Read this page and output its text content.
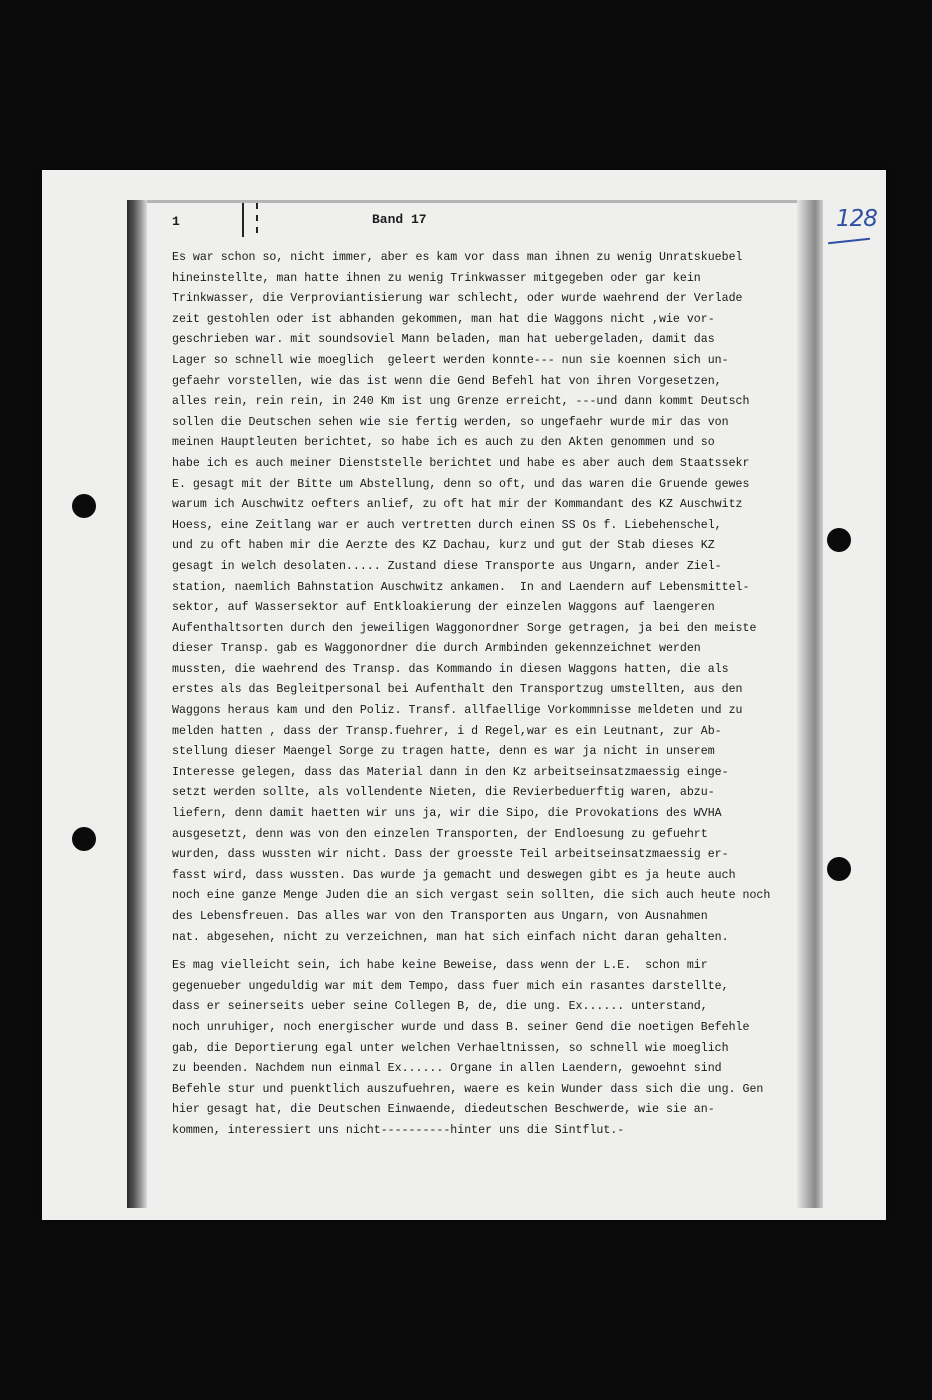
1	Band 17	128
Es war schon so, nicht immer, aber es kam vor dass man ihnen zu wenig Unratskuebel
hineinstellte, man hatte ihnen zu wenig Trinkwasser mitgegeben oder gar kein
Trinkwasser, die Verproviantisierung war schlecht, oder wurde waehrend der Verlade
zeit gestohlen oder ist abhanden gekommen, man hat die Waggons nicht ,wie vor-
geschrieben war. mit soundsoviel Mann beladen, man hat uebergeladen, damit das
Lager so schnell wie moeglich  geleert werden konnte--- nun sie koennen sich un-
gefaehr vorstellen, wie das ist wenn die Gend Befehl hat von ihren Vorgesetzen,
alles rein, rein rein, in 240 Km ist ung Grenze erreicht, ---und dann kommt Deutsch
sollen die Deutschen sehen wie sie fertig werden, so ungefaehr wurde mir das von
meinen Hauptleuten berichtet, so habe ich es auch zu den Akten genommen und so
habe ich es auch meiner Dienststelle berichtet und habe es aber auch dem Staatssekr
E. gesagt mit der Bitte um Abstellung, denn so oft, und das waren die Gruende gewes
warum ich Auschwitz oefters anlief, zu oft hat mir der Kommandant des KZ Auschwitz
Hoess, eine Zeitlang war er auch vertretten durch einen SS Os f. Liebehenschel,
und zu oft haben mir die Aerzte des KZ Dachau, kurz und gut der Stab dieses KZ
gesagt in welch desolaten..... Zustand diese Transporte aus Ungarn, ander Ziel-
station, naemlich Bahnstation Auschwitz ankamen.  In and Laendern auf Lebensmittel-
sektor, auf Wassersektor auf Entkloakierung der einzelen Waggons auf laengeren
Aufenthaltsorten durch den jeweiligen Waggonordner Sorge getragen, ja bei den meiste
dieser Transp. gab es Waggonordner die durch Armbinden gekennzeichnet werden
mussten, die waehrend des Transp. das Kommando in diesen Waggons hatten, die als
erstes als das Begleitpersonal bei Aufenthalt den Transportzug umstellten, aus den
Waggons heraus kam und den Poliz. Transf. allfaellige Vorkommnisse meldeten und zu
melden hatten , dass der Transp.fuehrer, i d Regel,war es ein Leutnant, zur Ab-
stellung dieser Maengel Sorge zu tragen hatte, denn es war ja nicht in unserem
Interesse gelegen, dass das Material dann in den Kz arbeitseinsatzmaessig einge-
setzt werden sollte, als vollendente Nieten, die Revierbeduerftig waren, abzu-
liefern, denn damit haetten wir uns ja, wir die Sipo, die Provokations des WVHA
ausgesetzt, denn was von den einzelen Transporten, der Endloesung zu gefuehrt
wurden, dass wussten wir nicht. Dass der groesste Teil arbeitseinsatzmaessig er-
fasst wird, dass wussten. Das wurde ja gemacht und deswegen gibt es ja heute auch
noch eine ganze Menge Juden die an sich vergast sein sollten, die sich auch heute noch
des Lebensfreuen. Das alles war von den Transporten aus Ungarn, von Ausnahmen
nat. abgesehen, nicht zu verzeichnen, man hat sich einfach nicht daran gehalten.
Es mag vielleicht sein, ich habe keine Beweise, dass wenn der L.E.  schon mir
gegenueber ungeduldig war mit dem Tempo, dass fuer mich ein rasantes darstellte,
dass er seinerseits ueber seine Collegen B, de, die ung. Ex...... unterstand,
noch unruhiger, noch energischer wurde und dass B. seiner Gend die noetigen Befehle
gab, die Deportierung egal unter welchen Verhaeltnissen, so schnell wie moeglich
zu beenden. Nachdem nun einmal Ex...... Organe in allen Laendern, gewoehnt sind
Befehle stur und puenktlich auszufuehren, waere es kein Wunder dass sich die ung. Gen
hier gesagt hat, die Deutschen Einwaende, diedeutschen Beschwerde, wie sie an-
kommen, interessiert uns nicht----------hinter uns die Sintflut.-
